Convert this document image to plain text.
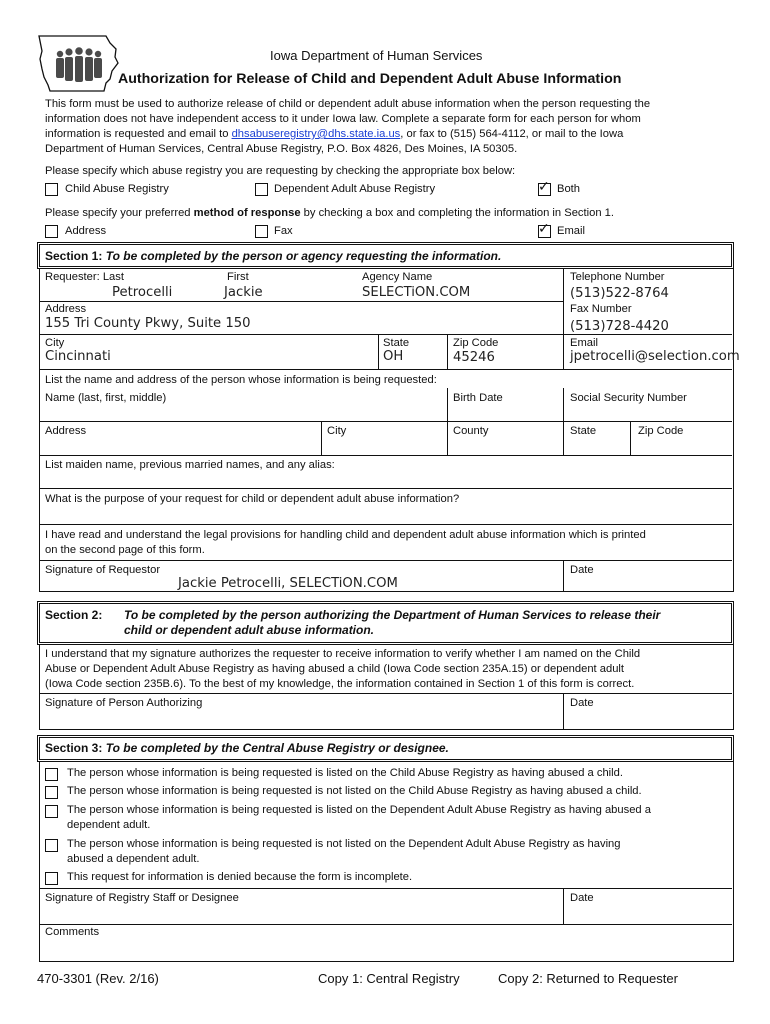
Iowa Department of Human Services
Authorization for Release of Child and Dependent Adult Abuse Information
This form must be used to authorize release of child or dependent adult abuse information when the person requesting the
information does not have independent access to it under Iowa law. Complete a separate form for each person for whom
information is requested and email to dhsabuseregistry@dhs.state.ia.us, or fax to (515) 564-4112, or mail to the Iowa
Department of Human Services, Central Abuse Registry, P.O. Box 4826, Des Moines, IA 50305.
Please specify which abuse registry you are requesting by checking the appropriate box below:
Child Abuse Registry	Dependent Adult Abuse Registry	✓ Both
Please specify your preferred method of response by checking a box and completing the information in Section 1.
Address	Fax	✓ Email
Section 1: To be completed by the person or agency requesting the information.
Requester: Last	First	Agency Name	Telephone Number
Petrocelli	Jackie	SELECTiON.COM	(513)522-8764
Address	Fax Number
155 Tri County Pkwy, Suite 150	(513)728-4420
City	State	Zip Code	Email
Cincinnati	OH	45246	jpetrocelli@selection.com
List the name and address of the person whose information is being requested:
Name (last, first, middle)	Birth Date	Social Security Number
Address	City	County	State	Zip Code
List maiden name, previous married names, and any alias:
What is the purpose of your request for child or dependent adult abuse information?
I have read and understand the legal provisions for handling child and dependent adult abuse information which is printed
on the second page of this form.
Signature of Requestor	Date
Jackie Petrocelli, SELECTiON.COM
Section 2: To be completed by the person authorizing the Department of Human Services to release their
child or dependent adult abuse information.
I understand that my signature authorizes the requester to receive information to verify whether I am named on the Child
Abuse or Dependent Adult Abuse Registry as having abused a child (Iowa Code section 235A.15) or dependent adult
(Iowa Code section 235B.6). To the best of my knowledge, the information contained in Section 1 of this form is correct.
Signature of Person Authorizing	Date
Section 3: To be completed by the Central Abuse Registry or designee.
The person whose information is being requested is listed on the Child Abuse Registry as having abused a child.
The person whose information is being requested is not listed on the Child Abuse Registry as having abused a child.
The person whose information is being requested is listed on the Dependent Adult Abuse Registry as having abused a
dependent adult.
The person whose information is being requested is not listed on the Dependent Adult Abuse Registry as having
abused a dependent adult.
This request for information is denied because the form is incomplete.
Signature of Registry Staff or Designee	Date
Comments
470-3301 (Rev. 2/16)	Copy 1: Central Registry	Copy 2: Returned to Requester
